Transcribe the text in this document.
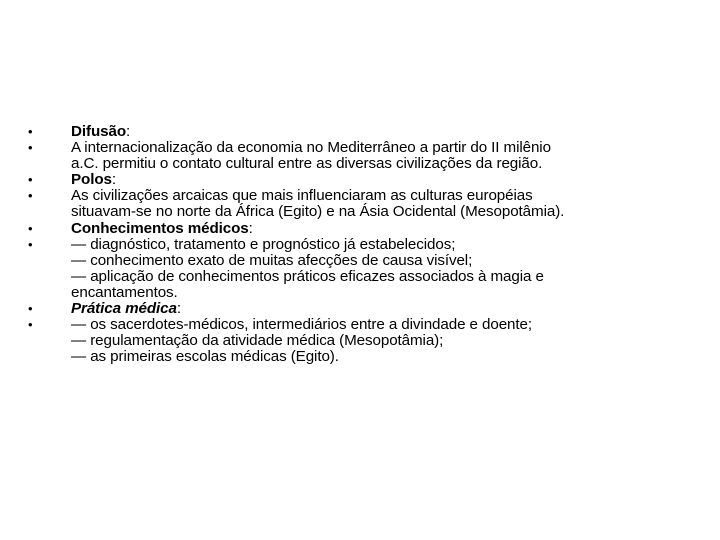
•	Difusão:
•	A internacionalização da economia no Mediterrâneo a partir do II milênio
a.C. permitiu o contato cultural entre as diversas civilizações da região.
•	Polos:
•	As civilizações arcaicas que mais influenciaram as culturas européias
situavam-se no norte da África (Egito) e na Ásia Ocidental (Mesopotâmia).
•	Conhecimentos médicos:
•	— diagnóstico, tratamento e prognóstico já estabelecidos;
— conhecimento exato de muitas afecções de causa visível;
— aplicação de conhecimentos práticos eficazes associados à magia e
encantamentos.
•	Prática médica:
•	— os sacerdotes-médicos, intermediários entre a divindade e doente;
— regulamentação da atividade médica (Mesopotâmia);
— as primeiras escolas médicas (Egito).
